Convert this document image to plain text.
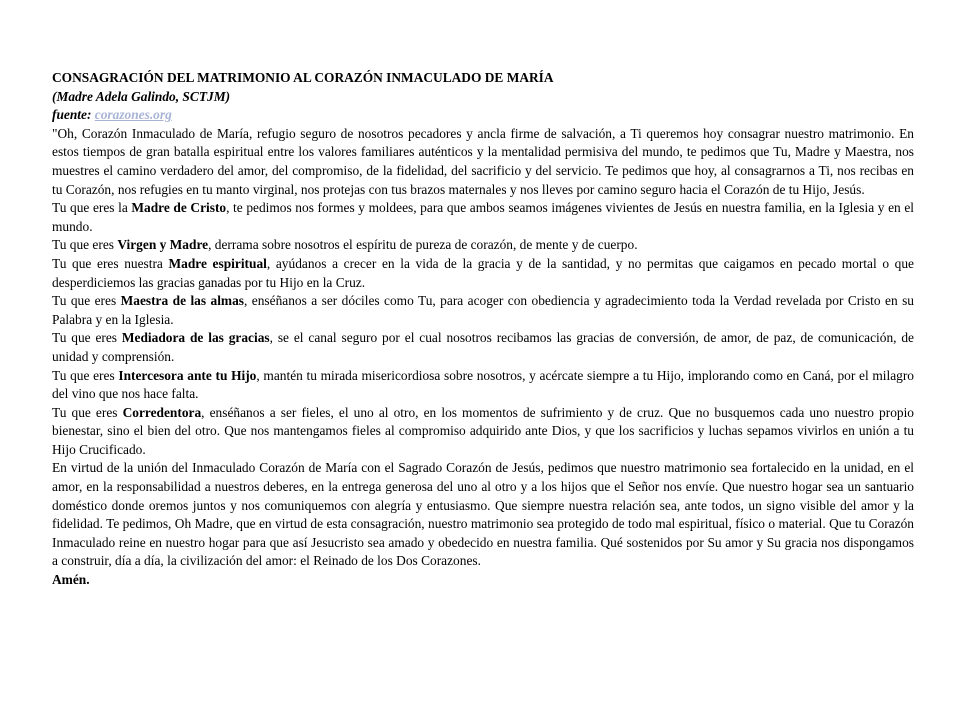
CONSAGRACIÓN DEL MATRIMONIO AL CORAZÓN INMACULADO DE MARÍA
(Madre Adela Galindo, SCTJM)
fuente: corazones.org
"Oh, Corazón Inmaculado de María, refugio seguro de nosotros pecadores y ancla firme de salvación, a Ti queremos hoy consagrar nuestro matrimonio. En estos tiempos de gran batalla espiritual entre los valores familiares auténticos y la mentalidad permisiva del mundo, te pedimos que Tu, Madre y Maestra, nos muestres el camino verdadero del amor, del compromiso, de la fidelidad, del sacrificio y del servicio. Te pedimos que hoy, al consagrarnos a Ti, nos recibas en tu Corazón, nos refugies en tu manto virginal, nos protejas con tus brazos maternales y nos lleves por camino seguro hacia el Corazón de tu Hijo, Jesús.
Tu que eres la Madre de Cristo, te pedimos nos formes y moldees, para que ambos seamos imágenes vivientes de Jesús en nuestra familia, en la Iglesia y en el mundo.
Tu que eres Virgen y Madre, derrama sobre nosotros el espíritu de pureza de corazón, de mente y de cuerpo.
Tu que eres nuestra Madre espiritual, ayúdanos a crecer en la vida de la gracia y de la santidad, y no permitas que caigamos en pecado mortal o que desperdiciemos las gracias ganadas por tu Hijo en la Cruz.
Tu que eres Maestra de las almas, enséñanos a ser dóciles como Tu, para acoger con obediencia y agradecimiento toda la Verdad revelada por Cristo en su Palabra y en la Iglesia.
Tu que eres Mediadora de las gracias, se el canal seguro por el cual nosotros recibamos las gracias de conversión, de amor, de paz, de comunicación, de unidad y comprensión.
Tu que eres Intercesora ante tu Hijo, mantén tu mirada misericordiosa sobre nosotros, y acércate siempre a tu Hijo, implorando como en Caná, por el milagro del vino que nos hace falta.
Tu que eres Corredentora, enséñanos a ser fieles, el uno al otro, en los momentos de sufrimiento y de cruz. Que no busquemos cada uno nuestro propio bienestar, sino el bien del otro. Que nos mantengamos fieles al compromiso adquirido ante Dios, y que los sacrificios y luchas sepamos vivirlos en unión a tu Hijo Crucificado.
En virtud de la unión del Inmaculado Corazón de María con el Sagrado Corazón de Jesús, pedimos que nuestro matrimonio sea fortalecido en la unidad, en el amor, en la responsabilidad a nuestros deberes, en la entrega generosa del uno al otro y a los hijos que el Señor nos envíe. Que nuestro hogar sea un santuario doméstico donde oremos juntos y nos comuniquemos con alegría y entusiasmo. Que siempre nuestra relación sea, ante todos, un signo visible del amor y la fidelidad. Te pedimos, Oh Madre, que en virtud de esta consagración, nuestro matrimonio sea protegido de todo mal espiritual, físico o material. Que tu Corazón Inmaculado reine en nuestro hogar para que así Jesucristo sea amado y obedecido en nuestra familia. Qué sostenidos por Su amor y Su gracia nos dispongamos a construir, día a día, la civilización del amor: el Reinado de los Dos Corazones.
Amén.
